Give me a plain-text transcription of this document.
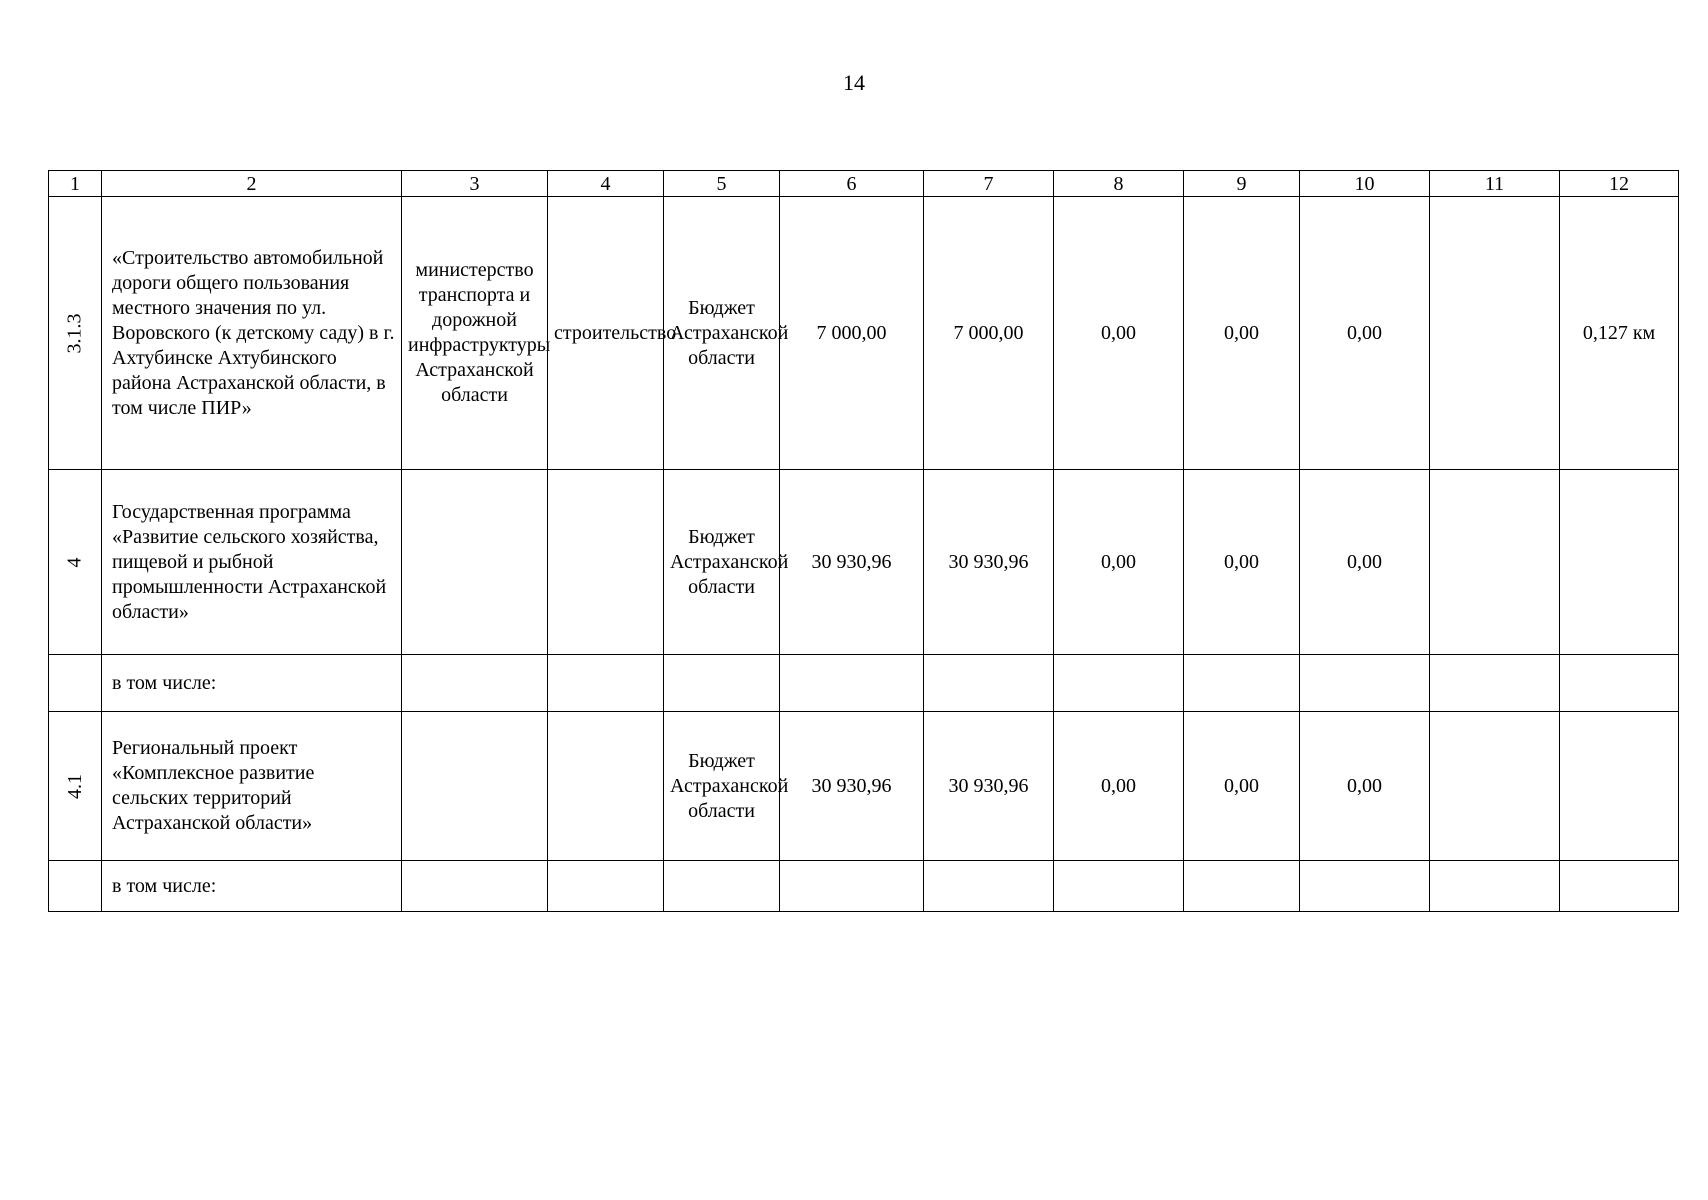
14
1	2	3	4	5	6	7	8	9	10	11	12
3.1.3	«Строительство автомобильной дороги общего пользования местного значения по ул. Воровского (к детскому саду) в г. Ахтубинске Ахтубинского района Астраханской области, в том числе ПИР»	министерство транспорта и дорожной инфраструктуры Астраханской области	строительство	Бюджет Астраханской области	7 000,00	7 000,00	0,00	0,00	0,00		0,127 км
4	Государственная программа «Развитие сельского хозяйства, пищевой и рыбной промышленности Астраханской области»			Бюджет Астраханской области	30 930,96	30 930,96	0,00	0,00	0,00		
	в том числе:										
4.1	Региональный проект «Комплексное развитие сельских территорий Астраханской области»			Бюджет Астраханской области	30 930,96	30 930,96	0,00	0,00	0,00		
	в том числе:										
